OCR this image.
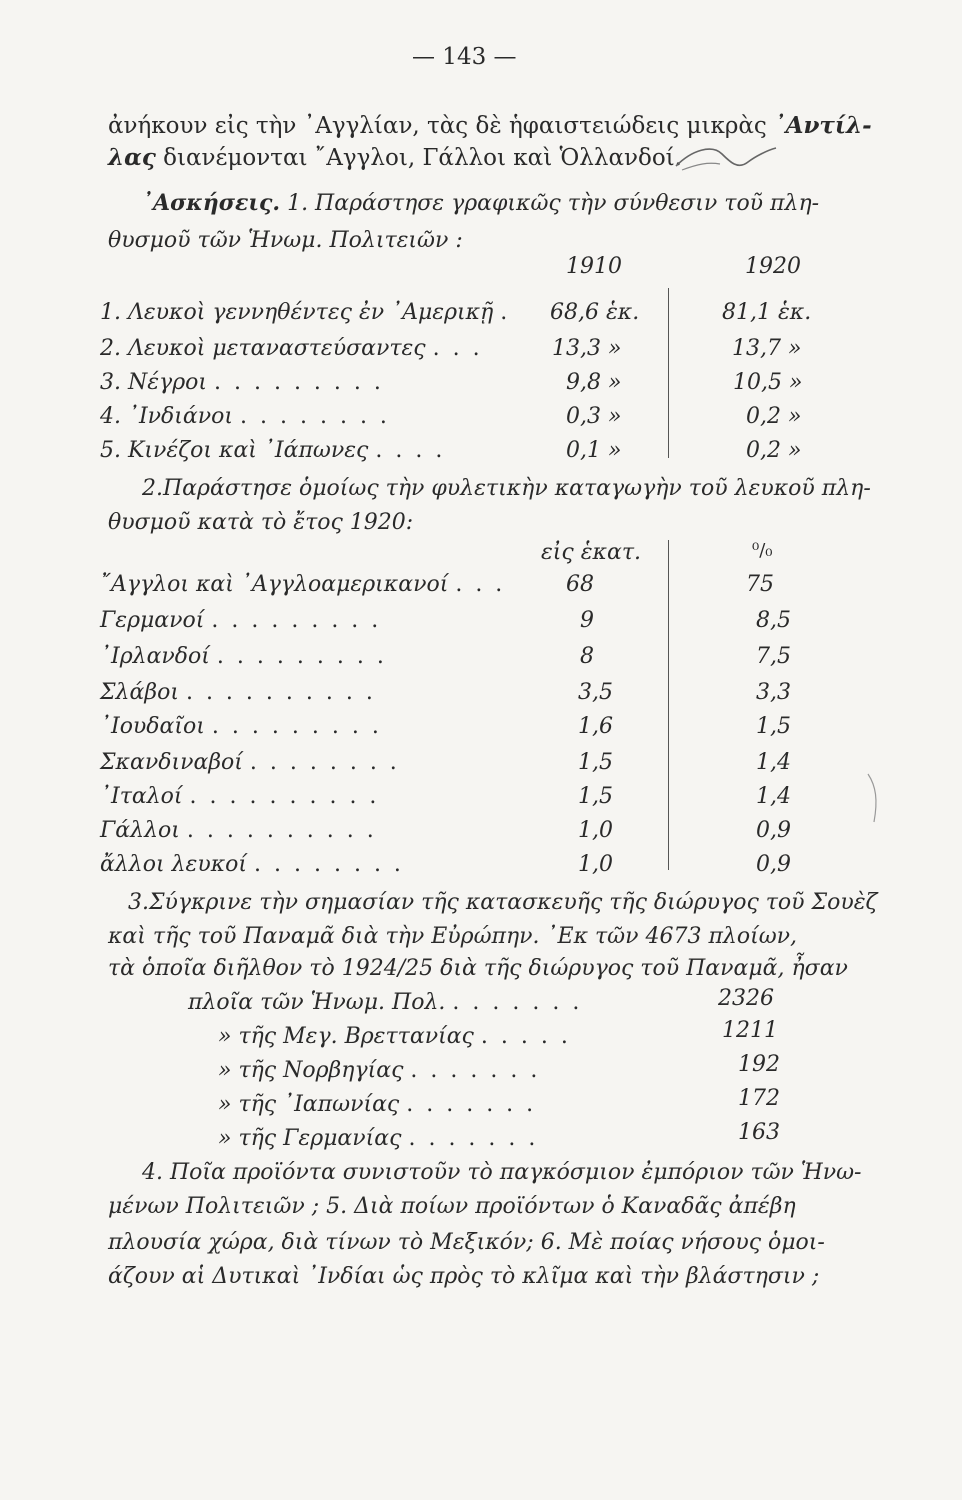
— 143 —
ἀνήκουν εἰς τὴν ᾿Αγγλίαν, τὰς δὲ ἡφαιστειώδεις μικρὰς ᾿Αντίλ-
λας διανέμονται ῎Αγγλοι, Γάλλοι καὶ Ὁλλανδοί.
᾿Ασκήσεις. 1. Παράστησε γραφικῶς τὴν σύνθεσιν τοῦ πλη-
θυσμοῦ τῶν Ἡνωμ. Πολιτειῶν :
1910	1920
1. Λευκοὶ γεννηθέντες ἐν ᾿Αμερικῇ . 68,6 ἑκ.	81,1 ἑκ.
2. Λευκοὶ μεταναστεύσαντες . . .	13,3 »	13,7 »
3. Νέγροι . . . . . . . . .	9,8 »	10,5 »
4. ᾿Ινδιάνοι . . . . . . . .	0,3 »	0,2 »
5. Κινέζοι καὶ ᾿Ιάπωνες . . . .	0,1 »	0,2 »
2.Παράστησε ὁμοίως τὴν φυλετικὴν καταγωγὴν τοῦ λευκοῦ πλη-
θυσμοῦ κατὰ τὸ ἔτος 1920:
εἰς ἑκατ.	⁰/₀
῎Αγγλοι καὶ ᾿Αγγλοαμερικανοί . . .	68	75
Γερμανοί . . . . . . . . .	9	8,5
᾿Ιρλανδοί . . . . . . . . .	8	7,5
Σλάβοι . . . . . . . . . .	3,5	3,3
᾿Ιουδαῖοι . . . . . . . . .	1,6	1,5
Σκανδιναβοί . . . . . . . .	1,5	1,4
᾿Ιταλοί . . . . . . . . . .	1,5	1,4
Γάλλοι . . . . . . . . . .	1,0	0,9
ἄλλοι λευκοί . . . . . . . .	1,0	0,9
3.Σύγκρινε τὴν σημασίαν τῆς κατασκευῆς τῆς διώρυγος τοῦ Σουὲζ
καὶ τῆς τοῦ Παναμᾶ διὰ τὴν Εὐρώπην. ᾿Εκ τῶν 4673 πλοίων,
τὰ ὁποῖα διῆλθον τὸ 1924/25 διὰ τῆς διώρυγος τοῦ Παναμᾶ, ἦσαν
πλοῖα τῶν Ἡνωμ. Πολ. . . . . . . .	2326
» τῆς Μεγ. Βρεττανίας . . . . .	1211
» τῆς Νορβηγίας . . . . . . .	192
» τῆς ᾿Ιαπωνίας . . . . . . .	172
» τῆς Γερμανίας . . . . . . .	163
4. Ποῖα προϊόντα συνιστοῦν τὸ παγκόσμιον ἐμπόριον τῶν Ἡνω-
μένων Πολιτειῶν ; 5. Διὰ ποίων προϊόντων ὁ Καναδᾶς ἀπέβη
πλουσία χώρα, διὰ τίνων τὸ Μεξικόν; 6. Μὲ ποίας νήσους ὁμοι-
άζουν αἱ Δυτικαὶ ᾿Ινδίαι ὡς πρὸς τὸ κλῖμα καὶ τὴν βλάστησιν ;
